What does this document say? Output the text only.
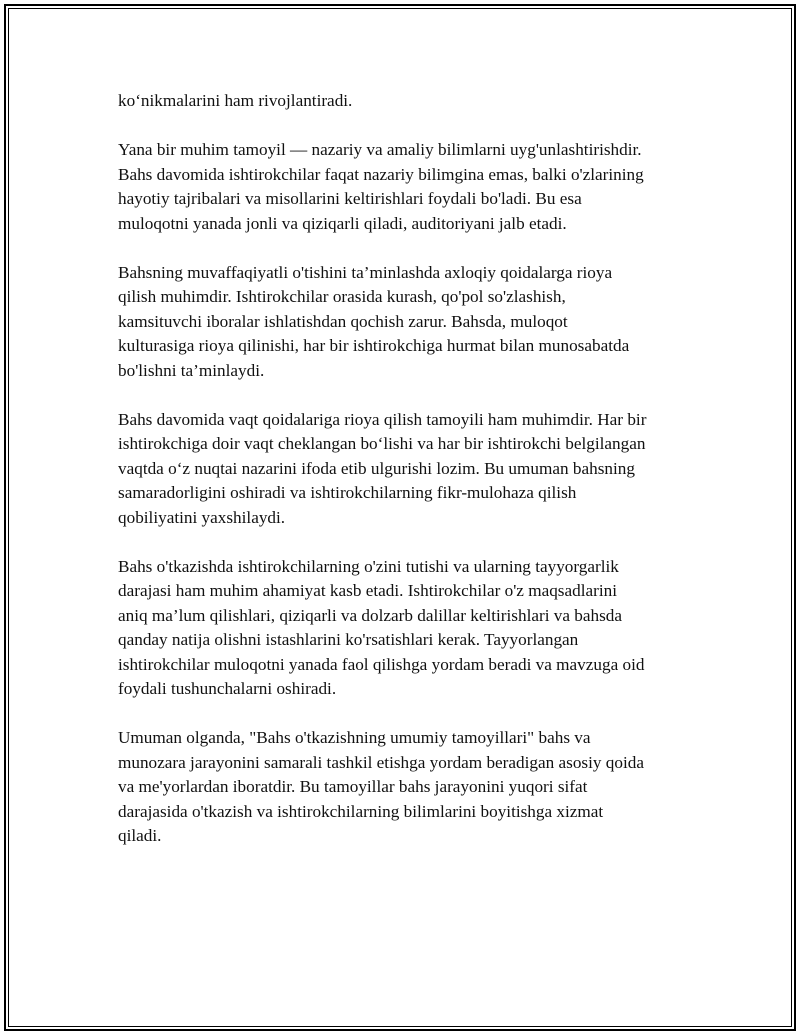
ko‘nikmalarini ham rivojlantiradi.

Yana bir muhim tamoyil — nazariy va amaliy bilimlarni uyg'unlashtirishdir.
Bahs davomida ishtirokchilar faqat nazariy bilimgina emas, balki o'zlarining
hayotiy tajribalari va misollarini keltirishlari foydali bo'ladi. Bu esa
muloqotni yanada jonli va qiziqarli qiladi, auditoriyani jalb etadi.

Bahsning muvaffaqiyatli o'tishini ta’minlashda axloqiy qoidalarga rioya
qilish muhimdir. Ishtirokchilar orasida kurash, qo'pol so'zlashish,
kamsituvchi iboralar ishlatishdan qochish zarur. Bahsda, muloqot
kulturasiga rioya qilinishi, har bir ishtirokchiga hurmat bilan munosabatda
bo'lishni ta’minlaydi.

Bahs davomida vaqt qoidalariga rioya qilish tamoyili ham muhimdir. Har bir
ishtirokchiga doir vaqt cheklangan bo‘lishi va har bir ishtirokchi belgilangan
vaqtda o‘z nuqtai nazarini ifoda etib ulgurishi lozim. Bu umuman bahsning
samaradorligini oshiradi va ishtirokchilarning fikr-mulohaza qilish
qobiliyatini yaxshilaydi.

Bahs o'tkazishda ishtirokchilarning o'zini tutishi va ularning tayyorgarlik
darajasi ham muhim ahamiyat kasb etadi. Ishtirokchilar o'z maqsadlarini
aniq ma’lum qilishlari, qiziqarli va dolzarb dalillar keltirishlari va bahsda
qanday natija olishni istashlarini ko'rsatishlari kerak. Tayyorlangan
ishtirokchilar muloqotni yanada faol qilishga yordam beradi va mavzuga oid
foydali tushunchalarni oshiradi.

Umuman olganda, "Bahs o'tkazishning umumiy tamoyillari" bahs va
munozara jarayonini samarali tashkil etishga yordam beradigan asosiy qoida
va me'yorlardan iboratdir. Bu tamoyillar bahs jarayonini yuqori sifat
darajasida o'tkazish va ishtirokchilarning bilimlarini boyitishga xizmat
qiladi.
